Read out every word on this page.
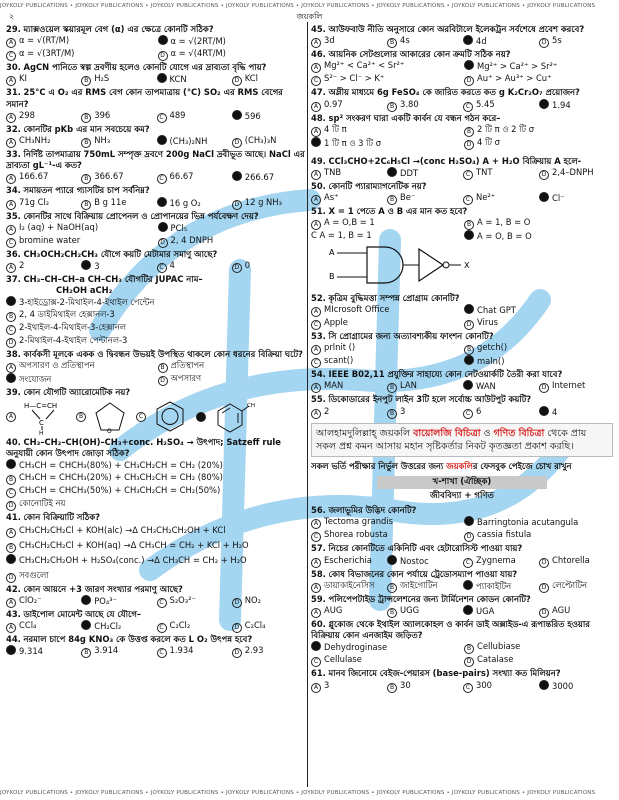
JOYKOLY PUBLICATIONS • JOYKOLY PUBLICATIONS • JOYKOLY PUBLICATIONS • JOYKOLY PUBLICATIONS • JOYKOLY PUBLICATIONS • JOYKOLY PUBLICATIONS • JOYKOLY PUBLICATIONS • JOYKOLY PUBLICATIONS
২	জয়কলি
29. ম্যাক্সওয়েল স্কয়ারমূল বেগ (α) এর ক্ষেত্রে কোনটি সঠিক?
A α = √(RT/M)	α = √(2RT/M)
C α = √(3RT/M)	D α = √(4RT/M)
30. AgCN পানিতে স্বল্প দ্রবণীয় হলেও কোনটি যোগে এর দ্রাব্যতা বৃদ্ধি পায়?
A KI	B H₂S	KCN	D KCl
31. 25°C এ O₂ এর RMS বেগ কোন তাপমাত্রায় (°C) SO₂ এর RMS বেগের সমান?
A 298	B 396	C 489	596
32. কোনটির pKb এর মান সবচেয়ে কম?
A CH₃NH₂	B NH₃	(CH₃)₂NH	D (CH₃)₃N
33. নির্দিষ্ট তাপমাত্রায় 750mL সম্পৃক্ত দ্রবণে 200g NaCl দ্রবীভূত আছে। NaCl এর দ্রাব্যতা gL⁻¹-এ কত?
A 166.67	B 366.67	C 66.67	266.67
34. সমায়তন প্যারে গ্যাসটির চাপ সর্বনিম্ন?
A 71g Cl₂	B B g 11e	16 g O₂	D 12 g NH₃
35. কোনটির সাথে বিক্রিয়ায় প্রোপেনল ও প্রোপানয়ের ভিন্ন পর্যবেক্ষণ দেয়?
A I₂ (aq) + NaOH(aq)	PCl₅
C bromine water	D 2, 4 DNPH
36. CH₃OCH₂CH₂CH₃ যৌগে কয়টি মেটামার সমাণু আছে?
A 2	3	C 4	D 0
37. CH₃–CH–CH–a CH–CH₃ যৌগটির JUPAC নাম–
CH₂OH aCH₂
3-হাইড্রোক্স-2-মিথাইল-4-ইথাইল পেন্টেন
B 2, 4 ডাইমিথাইল হেক্সানল-3
C 2-ইথাইল-4-মিথাইল-3-হেক্সানল
D 2-মিথাইল-4-ইথাইল পেন্টানল-3
38. কার্বকসী মূলকে একক ও দ্বিবন্ধন উভয়ই উপস্থিত থাকলে কোন ধরনের বিক্রিয়া ঘটে?
A অপসারণ ও প্রতিস্থাপন	B প্রতিস্থাপন
সংযোজন	D অপসারণ
39. কোন যৌগটি অ্যারোমেটিক নয়?
A
H—C=CH
C
H
B
O
C
CH
40. CH₃–CH₂–CH(OH)–CH₃+conc. H₂SO₄ → উৎপাদ; Satzeff rule অনুযায়ী কোন উৎপাদ জোড়া সঠিক?
CH₃CH = CHCH₃(80%) + CH₃CH₂CH = CH₂ (20%)
B CH₃CH = CHCH₃(20%) + CH₃CH₂CH = CH₂ (80%)
C CH₃CH = CHCH₃(50%) + CH₃CH₂CH = CH₂(50%)
D কোনোটিই নয়
41. কোন বিক্রিয়াটি সঠিক?
A CH₃CH₂CH₂Cl + KOH(alc) →Δ CH₃CH₂CH₂OH + KCl
B CH₃CH₂CH₂Cl + KOH(aq) →Δ CH₃CH = CH₂ + KCl + H₂O
CH₃CH₂CH₂OH + H₂SO₄(conc.) →Δ CH₃CH = CH₂ + H₂O
D সবগুলো
42. কোন আয়নে +3 জারণ সংখ্যার পরমাণু আছে?
A ClO₂⁻	PO₄³⁻	C S₂O₃²⁻	D NO₂
43. ডাইপোল মোমেন্ট আছে যে যৌগে–
A CCl₄	CH₂Cl₂	C C₂Cl₂	D C₂Cl₄
44. নরমাল চাপে 84g KNO₃ কে উত্তপ্ত করলে কত L O₂ উৎপন্ন হবে?
9.314	B 3.914	C 1.934	D 2.93
45. আউফবাউ নীতি অনুসারে কোন অরবিটালে ইলেকট্রন সর্বশেষে প্রবেশ করবে?
A 3d	B 4s	4d	D 5s
46. আয়নিক সেটগুলোর আকারের কোন ক্রমটি সঠিক নয়?
A Mg²⁺ < Ca²⁺ < Sr²⁺	Mg²⁺ > Ca²⁺ > Sr²⁺
C S²⁻ > Cl⁻ > K⁺	D Au⁺ > Au³⁺ > Cu⁺
47. অম্লীয় মাধ্যমে 6g FeSO₄ কে জারিত করতে কত g K₂Cr₂O₇ প্রয়োজন?
A 0.97	B 3.80	C 5.45	1.94
48. sp² সংকরণ ঘারা একটি কার্বন যে বন্ধন গঠন করে–
A 4 টি π	B 2 টি π ও 2 টি σ
1 টি π ও 3 টি σ	D 4 টি σ
49. CCl₃CHO+2C₆H₅Cl →(conc H₂SO₄) A + H₂O বিক্রিয়ায় A হলে-
A TNB	DDT	C TNT	D 2,4–DNPH
50. কোনটি প্যারাম্যাগনেটিক নয়?
A As⁺	B Be⁻	C Ne²⁺	Cl⁻
51. X = 1 পেতে A ও B এর মান কত হবে?
A A = O,B = 1	B A = 1, B = O
C A = 1, B = 1	A = O, B = O
A
B
X
52. কৃত্রিম বুদ্ধিমত্তা সম্পন্ন প্রোগ্রাম কোনটি?
A MIcrosoft Office	Chat GPT
C Apple	D Virus
53. সি প্রোগ্রামের জন্য অত্যাবশ্যকীয় ফাংশন কোনটি?
A prlnit ()	B getch()
C scant()	maln()
54. IEEE B02,11 প্রযুক্তির সাহায্যে কোন নেটওয়ার্কটি তৈরী করা যাবে?
A MAN	B LAN	WAN	D Internet
55. ডিকোডারের ইনপুট লাইন 3টি হলে সর্বোচ্চ আউটপুট কয়টি?
A 2	B 3	C 6	4
আলহামদুলিল্লাহ্ জয়কলি বায়োলজি বিচিত্রা ও গণিত বিচিত্রা থেকে প্রায় সকল প্রশ্ন কমন আসায় মহান সৃষ্টিকর্তার নিকট কৃতজ্ঞতা প্রকাশ করছি।
সকল ভর্তি পরীক্ষার নির্ভুল উত্তরের জন্য জয়কলির ফেসবুক পেইজে চোখ রাখুন
খ-শাখা (ঐচ্ছিক)
জীববিদ্যা + গণিত
56. জলাভূমির উদ্ভিদ কোনটি?
A Tectoma grandis	Barringtonia acutangula
C Shorea robusta	D cassia fistula
57. নিচের কোনটিতে একিনিটি এবং হেটারোসিস্ট পাওয়া যায়?
A Escherichia	Nostoc	C Zygnema	D Chtorella
58. কোষ বিভাজনের কোন পর্যায়ে ট্রেডোসম্যাপ পাওয়া যায়?
A ডায়াকাইনেসিস	B জাইগোটিন	প্যাকাইটিন	D লেপ্টোটিন
59. পলিপেপটাইড ট্রান্সলেশনের জন্য টার্মিনেশন কোডন কোনটি?
A AUG	B UGG	UGA	D AGU
60. গ্লুকোজ থেকে ইথাইল অ্যালকোহল ও কার্বন ডাই অক্সাইড-এ রূপান্তরিত হওয়ার বিক্রিয়ায় কোন এনজাইম জড়িত?
Dehydroginase	B Cellubiase
C Cellulase	D Catalase
61. মানব জিনোমে বেইজ-পেয়ারস (base-pairs) সংখ্যা কত মিলিয়ন?
A 3	B 30	C 300	3000
JOYKOLY PUBLICATIONS • JOYKOLY PUBLICATIONS • JOYKOLY PUBLICATIONS • JOYKOLY PUBLICATIONS • JOYKOLY PUBLICATIONS • JOYKOLY PUBLICATIONS • JOYKOLY PUBLICATIONS • JOYKOLY PUBLICATIONS
